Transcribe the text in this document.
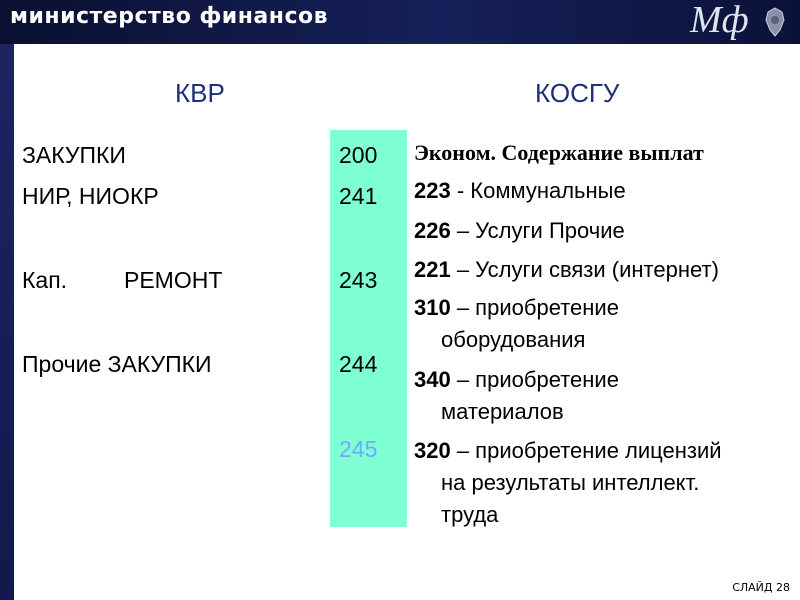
министерство финансов	Мф
КВР	КОСГУ
ЗАКУПКИ
НИР, НИОКР
Кап. РЕМОНТ
Прочие ЗАКУПКИ
200
241
243
244
245
Эконом. Содержание выплат
223 - Коммунальные
226 – Услуги Прочие
221 – Услуги связи (интернет)
310 – приобретение
оборудования
340 – приобретение
материалов
320 – приобретение лицензий
на результаты интеллект.
труда
СЛАЙД 28
